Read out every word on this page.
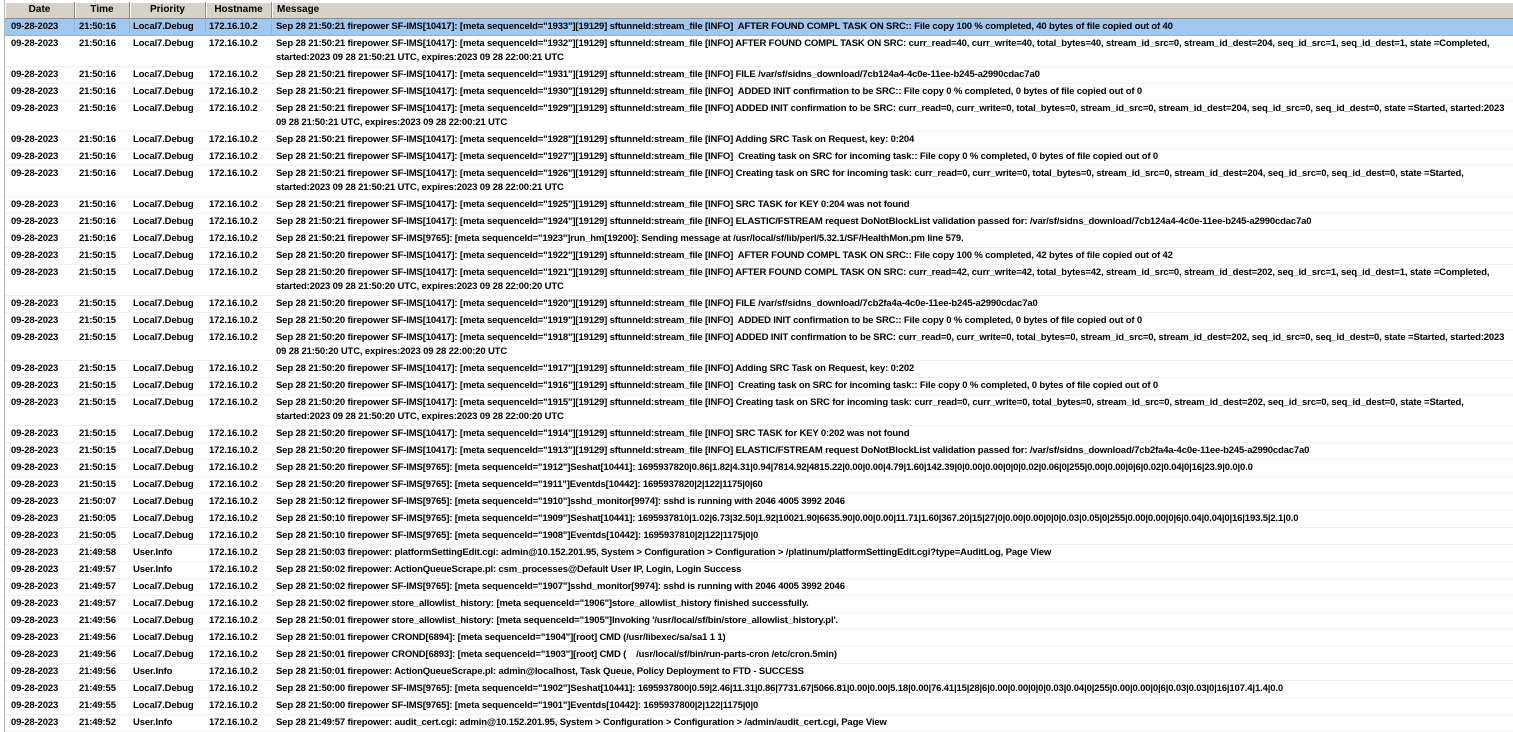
Date	Time	Priority	Hostname	Message
09-28-2023	21:50:16	Local7.Debug	172.16.10.2	Sep 28 21:50:21 firepower SF-IMS[10417]: [meta sequenceId="1933"][19129] sftunneld:stream_file [INFO]  AFTER FOUND COMPL TASK ON SRC:: File copy 100 % completed, 40 bytes of file copied out of 40
09-28-2023	21:50:16	Local7.Debug	172.16.10.2	Sep 28 21:50:21 firepower SF-IMS[10417]: [meta sequenceId="1932"][19129] sftunneld:stream_file [INFO] AFTER FOUND COMPL TASK ON SRC: curr_read=40, curr_write=40, total_bytes=40, stream_id_src=0, stream_id_dest=204, seq_id_src=1, seq_id_dest=1, state =Completed, started:2023 09 28 21:50:21 UTC, expires:2023 09 28 22:00:21 UTC
09-28-2023	21:50:16	Local7.Debug	172.16.10.2	Sep 28 21:50:21 firepower SF-IMS[10417]: [meta sequenceId="1931"][19129] sftunneld:stream_file [INFO] FILE /var/sf/sidns_download/7cb124a4-4c0e-11ee-b245-a2990cdac7a0
09-28-2023	21:50:16	Local7.Debug	172.16.10.2	Sep 28 21:50:21 firepower SF-IMS[10417]: [meta sequenceId="1930"][19129] sftunneld:stream_file [INFO]  ADDED INIT confirmation to be SRC:: File copy 0 % completed, 0 bytes of file copied out of 0
09-28-2023	21:50:16	Local7.Debug	172.16.10.2	Sep 28 21:50:21 firepower SF-IMS[10417]: [meta sequenceId="1929"][19129] sftunneld:stream_file [INFO] ADDED INIT confirmation to be SRC: curr_read=0, curr_write=0, total_bytes=0, stream_id_src=0, stream_id_dest=204, seq_id_src=0, seq_id_dest=0, state =Started, started:2023 09 28 21:50:21 UTC, expires:2023 09 28 22:00:21 UTC
09-28-2023	21:50:16	Local7.Debug	172.16.10.2	Sep 28 21:50:21 firepower SF-IMS[10417]: [meta sequenceId="1928"][19129] sftunneld:stream_file [INFO] Adding SRC Task on Request, key: 0:204
09-28-2023	21:50:16	Local7.Debug	172.16.10.2	Sep 28 21:50:21 firepower SF-IMS[10417]: [meta sequenceId="1927"][19129] sftunneld:stream_file [INFO]  Creating task on SRC for incoming task:: File copy 0 % completed, 0 bytes of file copied out of 0
09-28-2023	21:50:16	Local7.Debug	172.16.10.2	Sep 28 21:50:21 firepower SF-IMS[10417]: [meta sequenceId="1926"][19129] sftunneld:stream_file [INFO] Creating task on SRC for incoming task: curr_read=0, curr_write=0, total_bytes=0, stream_id_src=0, stream_id_dest=204, seq_id_src=0, seq_id_dest=0, state =Started, started:2023 09 28 21:50:21 UTC, expires:2023 09 28 22:00:21 UTC
09-28-2023	21:50:16	Local7.Debug	172.16.10.2	Sep 28 21:50:21 firepower SF-IMS[10417]: [meta sequenceId="1925"][19129] sftunneld:stream_file [INFO] SRC TASK for KEY 0:204 was not found
09-28-2023	21:50:16	Local7.Debug	172.16.10.2	Sep 28 21:50:21 firepower SF-IMS[10417]: [meta sequenceId="1924"][19129] sftunneld:stream_file [INFO] ELASTIC/FSTREAM request DoNotBlockList validation passed for: /var/sf/sidns_download/7cb124a4-4c0e-11ee-b245-a2990cdac7a0
09-28-2023	21:50:16	Local7.Debug	172.16.10.2	Sep 28 21:50:21 firepower SF-IMS[9765]: [meta sequenceId="1923"]run_hm[19200]: Sending message at /usr/local/sf/lib/perl/5.32.1/SF/HealthMon.pm line 579.
09-28-2023	21:50:15	Local7.Debug	172.16.10.2	Sep 28 21:50:20 firepower SF-IMS[10417]: [meta sequenceId="1922"][19129] sftunneld:stream_file [INFO]  AFTER FOUND COMPL TASK ON SRC:: File copy 100 % completed, 42 bytes of file copied out of 42
09-28-2023	21:50:15	Local7.Debug	172.16.10.2	Sep 28 21:50:20 firepower SF-IMS[10417]: [meta sequenceId="1921"][19129] sftunneld:stream_file [INFO] AFTER FOUND COMPL TASK ON SRC: curr_read=42, curr_write=42, total_bytes=42, stream_id_src=0, stream_id_dest=202, seq_id_src=1, seq_id_dest=1, state =Completed, started:2023 09 28 21:50:20 UTC, expires:2023 09 28 22:00:20 UTC
09-28-2023	21:50:15	Local7.Debug	172.16.10.2	Sep 28 21:50:20 firepower SF-IMS[10417]: [meta sequenceId="1920"][19129] sftunneld:stream_file [INFO] FILE /var/sf/sidns_download/7cb2fa4a-4c0e-11ee-b245-a2990cdac7a0
09-28-2023	21:50:15	Local7.Debug	172.16.10.2	Sep 28 21:50:20 firepower SF-IMS[10417]: [meta sequenceId="1919"][19129] sftunneld:stream_file [INFO]  ADDED INIT confirmation to be SRC:: File copy 0 % completed, 0 bytes of file copied out of 0
09-28-2023	21:50:15	Local7.Debug	172.16.10.2	Sep 28 21:50:20 firepower SF-IMS[10417]: [meta sequenceId="1918"][19129] sftunneld:stream_file [INFO] ADDED INIT confirmation to be SRC: curr_read=0, curr_write=0, total_bytes=0, stream_id_src=0, stream_id_dest=202, seq_id_src=0, seq_id_dest=0, state =Started, started:2023 09 28 21:50:20 UTC, expires:2023 09 28 22:00:20 UTC
09-28-2023	21:50:15	Local7.Debug	172.16.10.2	Sep 28 21:50:20 firepower SF-IMS[10417]: [meta sequenceId="1917"][19129] sftunneld:stream_file [INFO] Adding SRC Task on Request, key: 0:202
09-28-2023	21:50:15	Local7.Debug	172.16.10.2	Sep 28 21:50:20 firepower SF-IMS[10417]: [meta sequenceId="1916"][19129] sftunneld:stream_file [INFO]  Creating task on SRC for incoming task:: File copy 0 % completed, 0 bytes of file copied out of 0
09-28-2023	21:50:15	Local7.Debug	172.16.10.2	Sep 28 21:50:20 firepower SF-IMS[10417]: [meta sequenceId="1915"][19129] sftunneld:stream_file [INFO] Creating task on SRC for incoming task: curr_read=0, curr_write=0, total_bytes=0, stream_id_src=0, stream_id_dest=202, seq_id_src=0, seq_id_dest=0, state =Started, started:2023 09 28 21:50:20 UTC, expires:2023 09 28 22:00:20 UTC
09-28-2023	21:50:15	Local7.Debug	172.16.10.2	Sep 28 21:50:20 firepower SF-IMS[10417]: [meta sequenceId="1914"][19129] sftunneld:stream_file [INFO] SRC TASK for KEY 0:202 was not found
09-28-2023	21:50:15	Local7.Debug	172.16.10.2	Sep 28 21:50:20 firepower SF-IMS[10417]: [meta sequenceId="1913"][19129] sftunneld:stream_file [INFO] ELASTIC/FSTREAM request DoNotBlockList validation passed for: /var/sf/sidns_download/7cb2fa4a-4c0e-11ee-b245-a2990cdac7a0
09-28-2023	21:50:15	Local7.Debug	172.16.10.2	Sep 28 21:50:20 firepower SF-IMS[9765]: [meta sequenceId="1912"]Seshat[10441]: 1695937820|0.86|1.82|4.31|0.94|7814.92|4815.22|0.00|0.00|4.79|1.60|142.39|0|0.00|0.00|0|0|0.02|0.06|0|255|0.00|0.00|0|6|0.02|0.04|0|16|23.9|0.0|0.0
09-28-2023	21:50:15	Local7.Debug	172.16.10.2	Sep 28 21:50:20 firepower SF-IMS[9765]: [meta sequenceId="1911"]Eventds[10442]: 1695937820|2|122|1175|0|60
09-28-2023	21:50:07	Local7.Debug	172.16.10.2	Sep 28 21:50:12 firepower SF-IMS[9765]: [meta sequenceId="1910"]sshd_monitor[9974]: sshd is running with 2046 4005 3992 2046
09-28-2023	21:50:05	Local7.Debug	172.16.10.2	Sep 28 21:50:10 firepower SF-IMS[9765]: [meta sequenceId="1909"]Seshat[10441]: 1695937810|1.02|6.73|32.50|1.92|10021.90|6635.90|0.00|0.00|11.71|1.60|367.20|15|27|0|0.00|0.00|0|0|0.03|0.05|0|255|0.00|0.00|0|6|0.04|0.04|0|16|193.5|2.1|0.0
09-28-2023	21:50:05	Local7.Debug	172.16.10.2	Sep 28 21:50:10 firepower SF-IMS[9765]: [meta sequenceId="1908"]Eventds[10442]: 1695937810|2|122|1175|0|0
09-28-2023	21:49:58	User.Info	172.16.10.2	Sep 28 21:50:03 firepower: platformSettingEdit.cgi: admin@10.152.201.95, System > Configuration > Configuration > /platinum/platformSettingEdit.cgi?type=AuditLog, Page View
09-28-2023	21:49:57	User.Info	172.16.10.2	Sep 28 21:50:02 firepower: ActionQueueScrape.pl: csm_processes@Default User IP, Login, Login Success
09-28-2023	21:49:57	Local7.Debug	172.16.10.2	Sep 28 21:50:02 firepower SF-IMS[9765]: [meta sequenceId="1907"]sshd_monitor[9974]: sshd is running with 2046 4005 3992 2046
09-28-2023	21:49:57	Local7.Debug	172.16.10.2	Sep 28 21:50:02 firepower store_allowlist_history: [meta sequenceId="1906"]store_allowlist_history finished successfully.
09-28-2023	21:49:56	Local7.Debug	172.16.10.2	Sep 28 21:50:01 firepower store_allowlist_history: [meta sequenceId="1905"]Invoking '/usr/local/sf/bin/store_allowlist_history.pl'.
09-28-2023	21:49:56	Local7.Debug	172.16.10.2	Sep 28 21:50:01 firepower CROND[6894]: [meta sequenceId="1904"][root] CMD (/usr/libexec/sa/sa1 1 1)
09-28-2023	21:49:56	Local7.Debug	172.16.10.2	Sep 28 21:50:01 firepower CROND[6893]: [meta sequenceId="1903"][root] CMD (    /usr/local/sf/bin/run-parts-cron /etc/cron.5min)
09-28-2023	21:49:56	User.Info	172.16.10.2	Sep 28 21:50:01 firepower: ActionQueueScrape.pl: admin@localhost, Task Queue, Policy Deployment to FTD - SUCCESS
09-28-2023	21:49:55	Local7.Debug	172.16.10.2	Sep 28 21:50:00 firepower SF-IMS[9765]: [meta sequenceId="1902"]Seshat[10441]: 1695937800|0.59|2.46|11.31|0.86|7731.67|5066.81|0.00|0.00|5.18|0.00|76.41|15|28|6|0.00|0.00|0|0|0.03|0.04|0|255|0.00|0.00|0|6|0.03|0.03|0|16|107.4|1.4|0.0
09-28-2023	21:49:55	Local7.Debug	172.16.10.2	Sep 28 21:50:00 firepower SF-IMS[9765]: [meta sequenceId="1901"]Eventds[10442]: 1695937800|2|122|1175|0|0
09-28-2023	21:49:52	User.Info	172.16.10.2	Sep 28 21:49:57 firepower: audit_cert.cgi: admin@10.152.201.95, System > Configuration > Configuration > /admin/audit_cert.cgi, Page View
